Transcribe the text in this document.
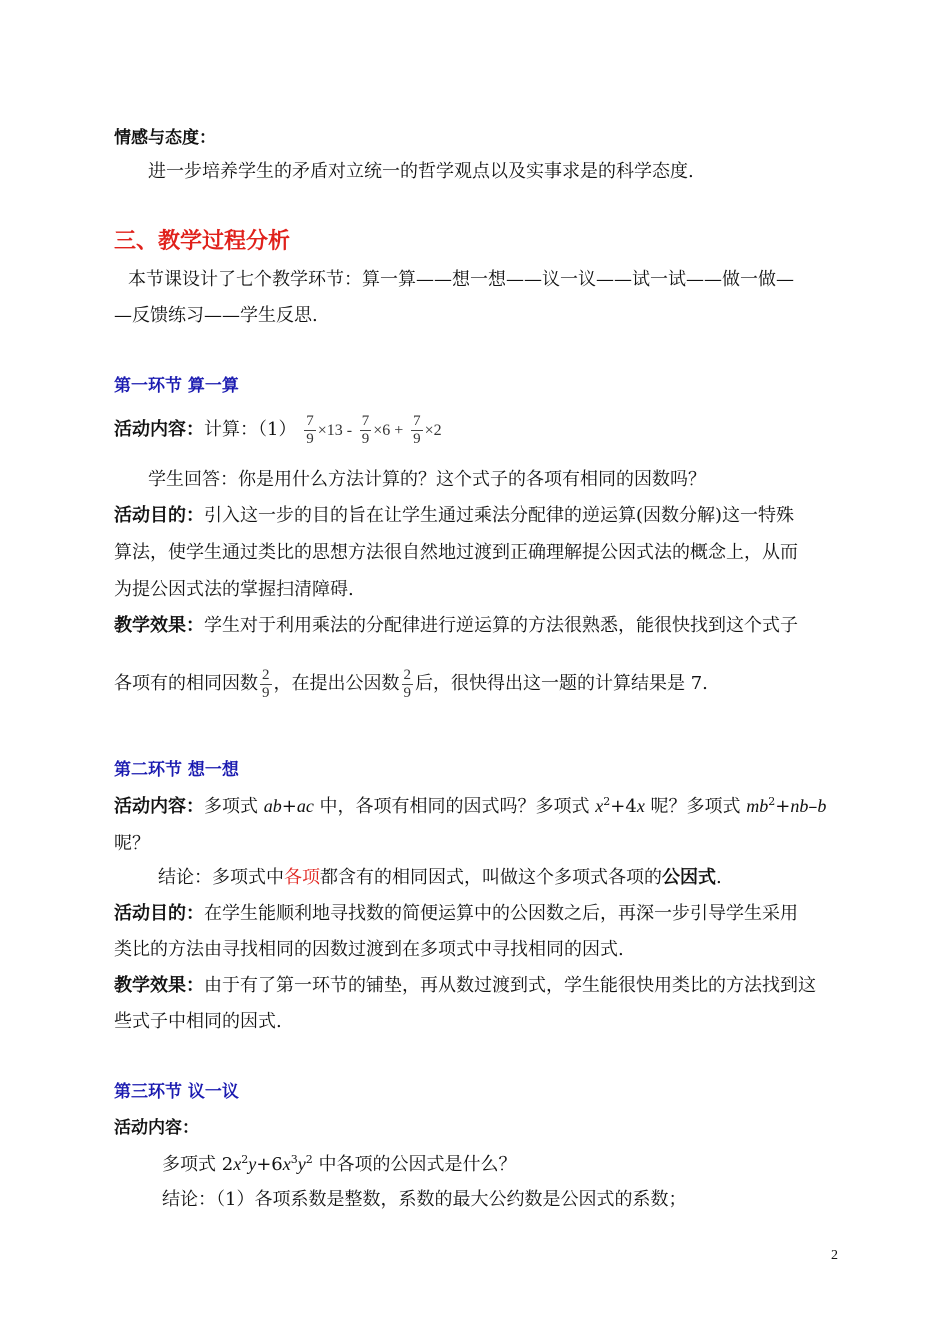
情感与态度：
进一步培养学生的矛盾对立统一的哲学观点以及实事求是的科学态度.
三、教学过程分析
本节课设计了七个教学环节：算一算——想一想——议一议——试一试——做一做—
—反馈练习——学生反思.
第一环节 算一算
活动内容：计算：$(1) \frac{7}{9} \times 13 - \frac{7}{9} \times 6 + \frac{7}{9} \times 2$
学生回答：你是用什么方法计算的？这个式子的各项有相同的因数吗？
活动目的：引入这一步的目的旨在让学生通过乘法分配律的逆运算(因数分解)这一特殊
算法，使学生通过类比的思想方法很自然地过渡到正确理解提公因式法的概念上，从而
为提公因式法的掌握扫清障碍.
教学效果：学生对于利用乘法的分配律进行逆运算的方法很熟悉，能很快找到这个式子
各项有的相同因数 $\frac{2}{9}$ ，在提出公因数 $\frac{2}{9}$ 后，很快得出这一题的计算结果是 7.
第二环节 想一想
活动内容：多项式 ab+ac 中，各项有相同的因式吗？多项式 $x^2+4x$ 呢？多项式 $mb^2+nb-b$
呢？
结论：多项式中各项都含有的相同因式，叫做这个多项式各项的公因式.
活动目的：在学生能顺利地寻找数的简便运算中的公因数之后，再深一步引导学生采用
类比的方法由寻找相同的因数过渡到在多项式中寻找相同的因式.
教学效果：由于有了第一环节的铺垫，再从数过渡到式，学生能很快用类比的方法找到这
些式子中相同的因式.
第三环节 议一议
活动内容：
多项式 $2x^2y+6x^3y^2$ 中各项的公因式是什么？
结论：（1）各项系数是整数，系数的最大公约数是公因式的系数；
2
